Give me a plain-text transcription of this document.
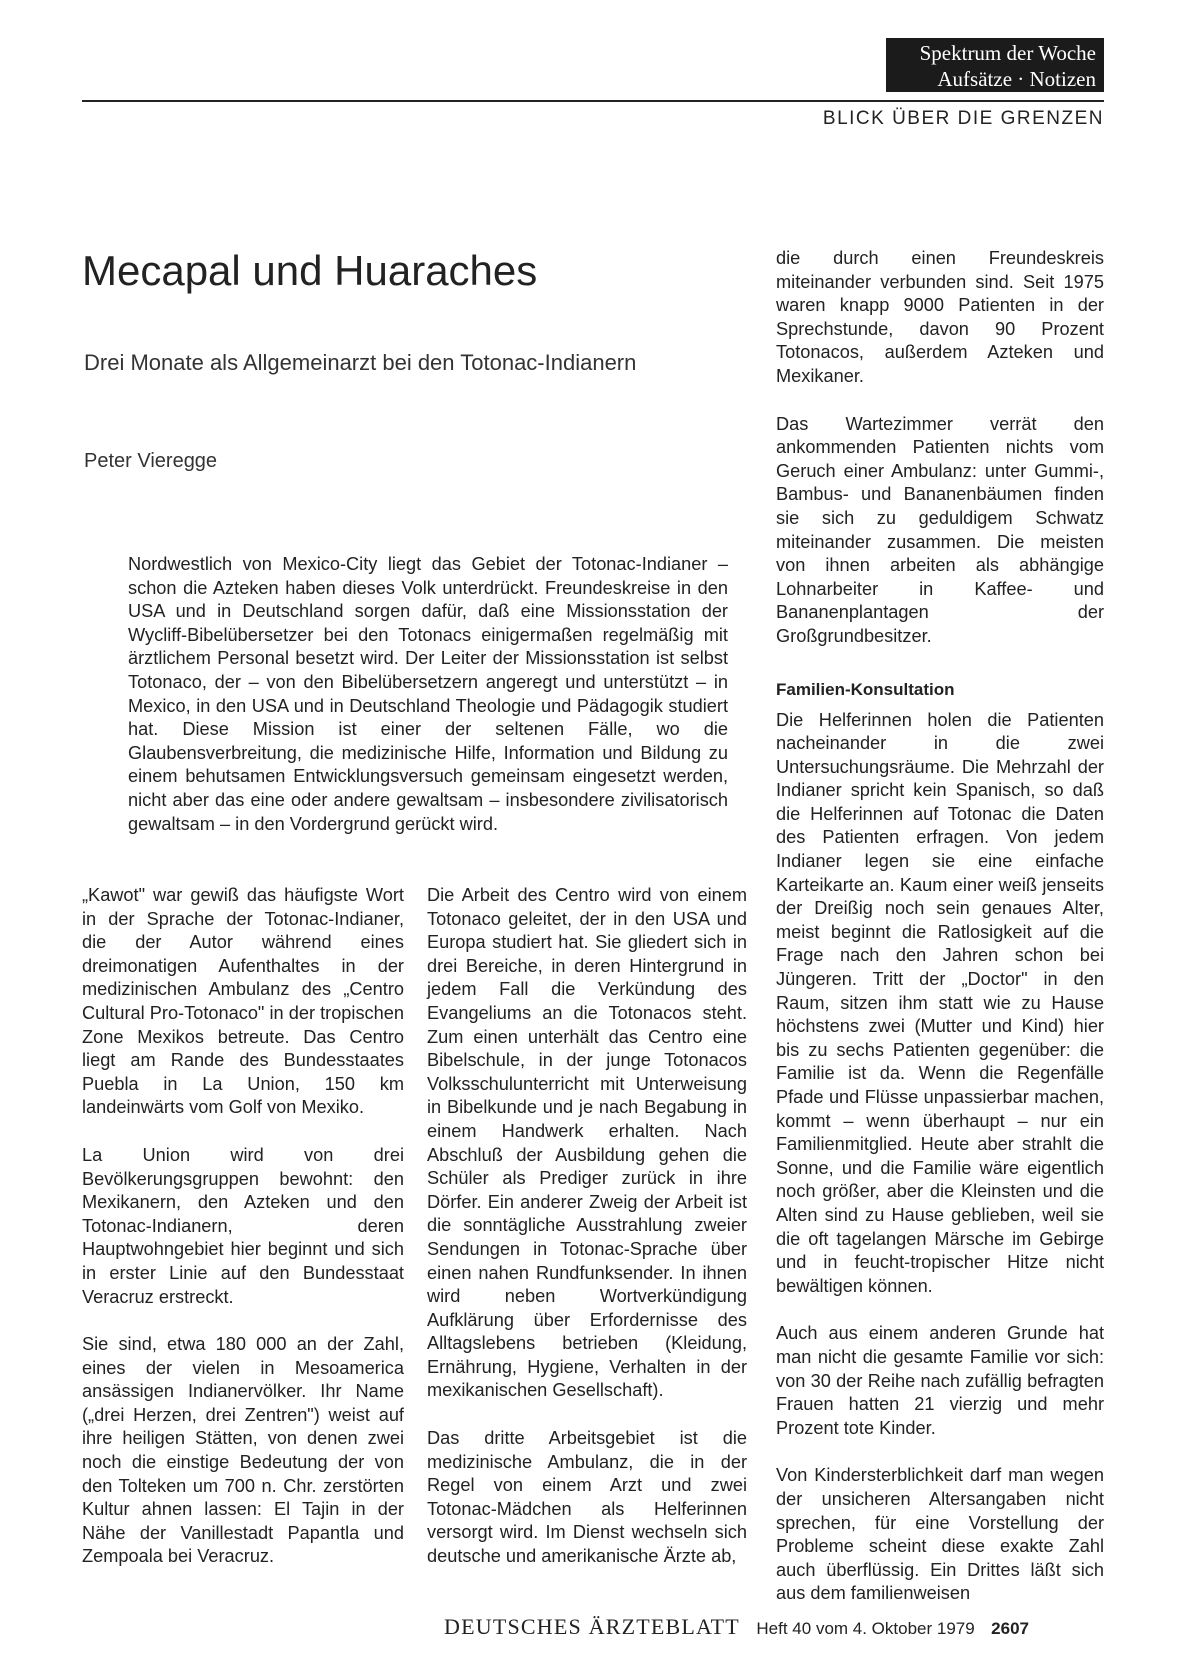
Spektrum der Woche
Aufsätze · Notizen
BLICK ÜBER DIE GRENZEN
Mecapal und Huaraches
Drei Monate als Allgemeinarzt bei den Totonac-Indianern
Peter Vieregge
Nordwestlich von Mexico-City liegt das Gebiet der Totonac-Indianer – schon die Azteken haben dieses Volk unterdrückt. Freundeskreise in den USA und in Deutschland sorgen dafür, daß eine Missionsstation der Wycliff-Bibelübersetzer bei den Totonacs einigermaßen regelmäßig mit ärztlichem Personal besetzt wird. Der Leiter der Missionsstation ist selbst Totonaco, der – von den Bibelübersetzern angeregt und unterstützt – in Mexico, in den USA und in Deutschland Theologie und Pädagogik studiert hat. Diese Mission ist einer der seltenen Fälle, wo die Glaubensverbreitung, die medizinische Hilfe, Information und Bildung zu einem behutsamen Entwicklungsversuch gemeinsam eingesetzt werden, nicht aber das eine oder andere gewaltsam – insbesondere zivilisatorisch gewaltsam – in den Vordergrund gerückt wird.

„Kawot" war gewiß das häufigste Wort in der Sprache der Totonac-Indianer, die der Autor während eines dreimonatigen Aufenthaltes in der medizinischen Ambulanz des „Centro Cultural Pro-Totonaco" in der tropischen Zone Mexikos betreute. Das Centro liegt am Rande des Bundesstaates Puebla in La Union, 150 km landeinwärts vom Golf von Mexiko.

La Union wird von drei Bevölkerungsgruppen bewohnt: den Mexikanern, den Azteken und den Totonac-Indianern, deren Hauptwohngebiet hier beginnt und sich in erster Linie auf den Bundesstaat Veracruz erstreckt.

Sie sind, etwa 180 000 an der Zahl, eines der vielen in Mesoamerica ansässigen Indianervölker. Ihr Name („drei Herzen, drei Zentren") weist auf ihre heiligen Stätten, von denen zwei noch die einstige Bedeutung der von den Tolteken um 700 n. Chr. zerstörten Kultur ahnen lassen: El Tajin in der Nähe der Vanillestadt Papantla und Zempoala bei Veracruz.

Die Arbeit des Centro wird von einem Totonaco geleitet, der in den USA und Europa studiert hat. Sie gliedert sich in drei Bereiche, in deren Hintergrund in jedem Fall die Verkündung des Evangeliums an die Totonacos steht. Zum einen unterhält das Centro eine Bibelschule, in der junge Totonacos Volksschulunterricht mit Unterweisung in Bibelkunde und je nach Begabung in einem Handwerk erhalten. Nach Abschluß der Ausbildung gehen die Schüler als Prediger zurück in ihre Dörfer. Ein anderer Zweig der Arbeit ist die sonntägliche Ausstrahlung zweier Sendungen in Totonac-Sprache über einen nahen Rundfunksender. In ihnen wird neben Wortverkündigung Aufklärung über Erfordernisse des Alltagslebens betrieben (Kleidung, Ernährung, Hygiene, Verhalten in der mexikanischen Gesellschaft).

Das dritte Arbeitsgebiet ist die medizinische Ambulanz, die in der Regel von einem Arzt und zwei Totonac-Mädchen als Helferinnen versorgt wird. Im Dienst wechseln sich deutsche und amerikanische Ärzte ab,

die durch einen Freundeskreis miteinander verbunden sind. Seit 1975 waren knapp 9000 Patienten in der Sprechstunde, davon 90 Prozent Totonacos, außerdem Azteken und Mexikaner.

Das Wartezimmer verrät den ankommenden Patienten nichts vom Geruch einer Ambulanz: unter Gummi-, Bambus- und Bananenbäumen finden sie sich zu geduldigem Schwatz miteinander zusammen. Die meisten von ihnen arbeiten als abhängige Lohnarbeiter in Kaffee- und Bananenplantagen der Großgrundbesitzer.

Familien-Konsultation

Die Helferinnen holen die Patienten nacheinander in die zwei Untersuchungsräume. Die Mehrzahl der Indianer spricht kein Spanisch, so daß die Helferinnen auf Totonac die Daten des Patienten erfragen. Von jedem Indianer legen sie eine einfache Karteikarte an. Kaum einer weiß jenseits der Dreißig noch sein genaues Alter, meist beginnt die Ratlosigkeit auf die Frage nach den Jahren schon bei Jüngeren. Tritt der „Doctor" in den Raum, sitzen ihm statt wie zu Hause höchstens zwei (Mutter und Kind) hier bis zu sechs Patienten gegenüber: die Familie ist da. Wenn die Regenfälle Pfade und Flüsse unpassierbar machen, kommt – wenn überhaupt – nur ein Familienmitglied. Heute aber strahlt die Sonne, und die Familie wäre eigentlich noch größer, aber die Kleinsten und die Alten sind zu Hause geblieben, weil sie die oft tagelangen Märsche im Gebirge und in feucht-tropischer Hitze nicht bewältigen können.

Auch aus einem anderen Grunde hat man nicht die gesamte Familie vor sich: von 30 der Reihe nach zufällig befragten Frauen hatten 21 vierzig und mehr Prozent tote Kinder.

Von Kindersterblichkeit darf man wegen der unsicheren Altersangaben nicht sprechen, für eine Vorstellung der Probleme scheint diese exakte Zahl auch überflüssig. Ein Drittes läßt sich aus dem familienweisen

DEUTSCHES ÄRZTEBLATT Heft 40 vom 4. Oktober 1979 2607
